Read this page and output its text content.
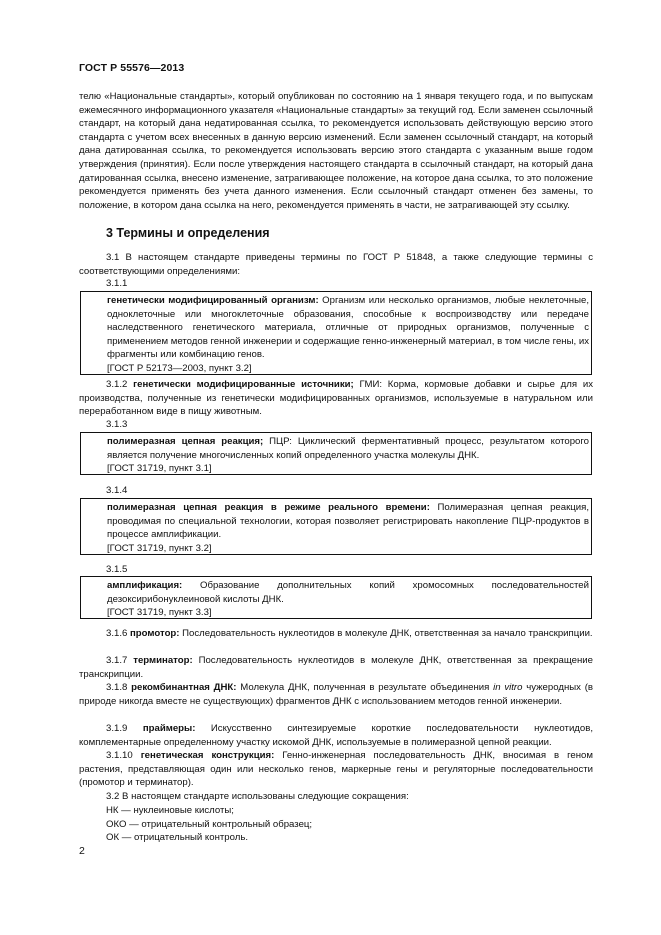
ГОСТ Р 55576—2013
телю «Национальные стандарты», который опубликован по состоянию на 1 января текущего года, и по выпускам ежемесячного информационного указателя «Национальные стандарты» за текущий год. Если заменен ссылочный стандарт, на который дана недатированная ссылка, то рекомендуется использовать действующую версию этого стандарта с учетом всех внесенных в данную версию изменений. Если заменен ссылочный стандарт, на который дана датированная ссылка, то рекомендуется использовать версию этого стандарта с указанным выше годом утверждения (принятия). Если после утверждения настоящего стандарта в ссылочный стандарт, на который дана датированная ссылка, внесено изменение, затрагивающее положение, на которое дана ссылка, то это положение рекомендуется применять без учета данного изменения. Если ссылочный стандарт отменен без замены, то положение, в котором дана ссылка на него, рекомендуется применять в части, не затрагивающей эту ссылку.
3 Термины и определения
3.1 В настоящем стандарте приведены термины по ГОСТ Р 51848, а также следующие термины с соответствующими определениями:
3.1.1
генетически модифицированный организм: Организм или несколько организмов, любые неклеточные, одноклеточные или многоклеточные образования, способные к воспроизводству или передаче наследственного генетического материала, отличные от природных организмов, полученные с применением методов генной инженерии и содержащие генно-инженерный материал, в том числе гены, их фрагменты или комбинацию генов.
[ГОСТ Р 52173—2003, пункт 3.2]
3.1.2 генетически модифицированные источники; ГМИ: Корма, кормовые добавки и сырье для их производства, полученные из генетически модифицированных организмов, используемые в натуральном или переработанном виде в пищу животным.
3.1.3
полимеразная цепная реакция; ПЦР: Циклический ферментативный процесс, результатом которого является получение многочисленных копий определенного участка молекулы ДНК.
[ГОСТ 31719, пункт 3.1]
3.1.4
полимеразная цепная реакция в режиме реального времени: Полимеразная цепная реакция, проводимая по специальной технологии, которая позволяет регистрировать накопление ПЦР-продуктов в процессе амплификации.
[ГОСТ 31719, пункт 3.2]
3.1.5
амплификация: Образование дополнительных копий хромосомных последовательностей дезоксирибонуклеиновой кислоты ДНК.
[ГОСТ 31719, пункт 3.3]
3.1.6 промотор: Последовательность нуклеотидов в молекуле ДНК, ответственная за начало транскрипции.
3.1.7 терминатор: Последовательность нуклеотидов в молекуле ДНК, ответственная за прекращение транскрипции.
3.1.8 рекомбинантная ДНК: Молекула ДНК, полученная в результате объединения in vitro чужеродных (в природе никогда вместе не существующих) фрагментов ДНК с использованием методов генной инженерии.
3.1.9 праймеры: Искусственно синтезируемые короткие последовательности нуклеотидов, комплементарные определенному участку искомой ДНК, используемые в полимеразной цепной реакции.
3.1.10 генетическая конструкция: Генно-инженерная последовательность ДНК, вносимая в геном растения, представляющая один или несколько генов, маркерные гены и регуляторные последовательности (промотор и терминатор).
3.2 В настоящем стандарте использованы следующие сокращения:
НК — нуклеиновые кислоты;
ОКО — отрицательный контрольный образец;
ОК — отрицательный контроль.
2
